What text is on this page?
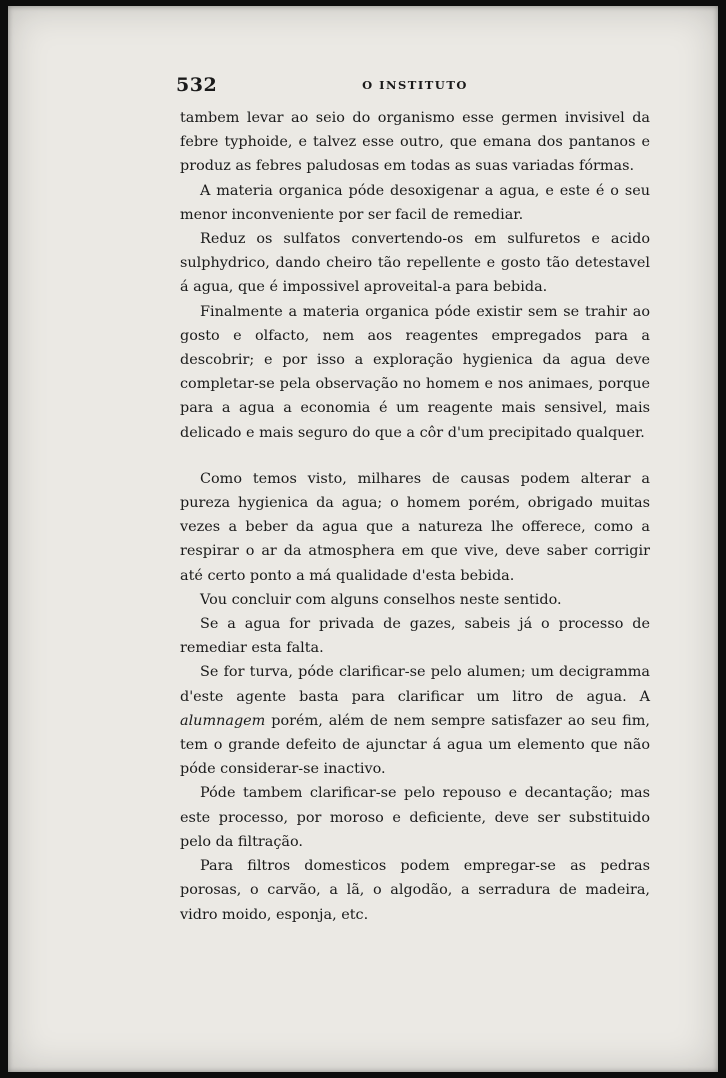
532	O INSTITUTO

tambem levar ao seio do organismo esse germen invisivel da febre typhoide, e talvez esse outro, que emana dos pantanos e produz as febres paludosas em todas as suas variadas fórmas.

A materia organica póde desoxigenar a agua, e este é o seu menor inconveniente por ser facil de remediar.

Reduz os sulfatos convertendo-os em sulfuretos e acido sulphydrico, dando cheiro tão repellente e gosto tão detestavel á agua, que é impossivel aproveital-a para bebida.

Finalmente a materia organica póde existir sem se trahir ao gosto e olfacto, nem aos reagentes empregados para a descobrir; e por isso a exploração hygienica da agua deve completar-se pela observação no homem e nos animaes, porque para a agua a economia é um reagente mais sensivel, mais delicado e mais seguro do que a côr d'um precipitado qualquer.

Como temos visto, milhares de causas podem alterar a pureza hygienica da agua; o homem porém, obrigado muitas vezes a beber da agua que a natureza lhe offerece, como a respirar o ar da atmosphera em que vive, deve saber corrigir até certo ponto a má qualidade d'esta bebida.

Vou concluir com alguns conselhos neste sentido.

Se a agua for privada de gazes, sabeis já o processo de remediar esta falta.

Se for turva, póde clarificar-se pelo alumen; um decigramma d'este agente basta para clarificar um litro de agua. A alumnagem porém, além de nem sempre satisfazer ao seu fim, tem o grande defeito de ajunctar á agua um elemento que não póde considerar-se inactivo.

Póde tambem clarificar-se pelo repouso e decantação; mas este processo, por moroso e deficiente, deve ser substituido pelo da filtração.

Para filtros domesticos podem empregar-se as pedras porosas, o carvão, a lã, o algodão, a serradura de madeira, vidro moido, esponja, etc.
